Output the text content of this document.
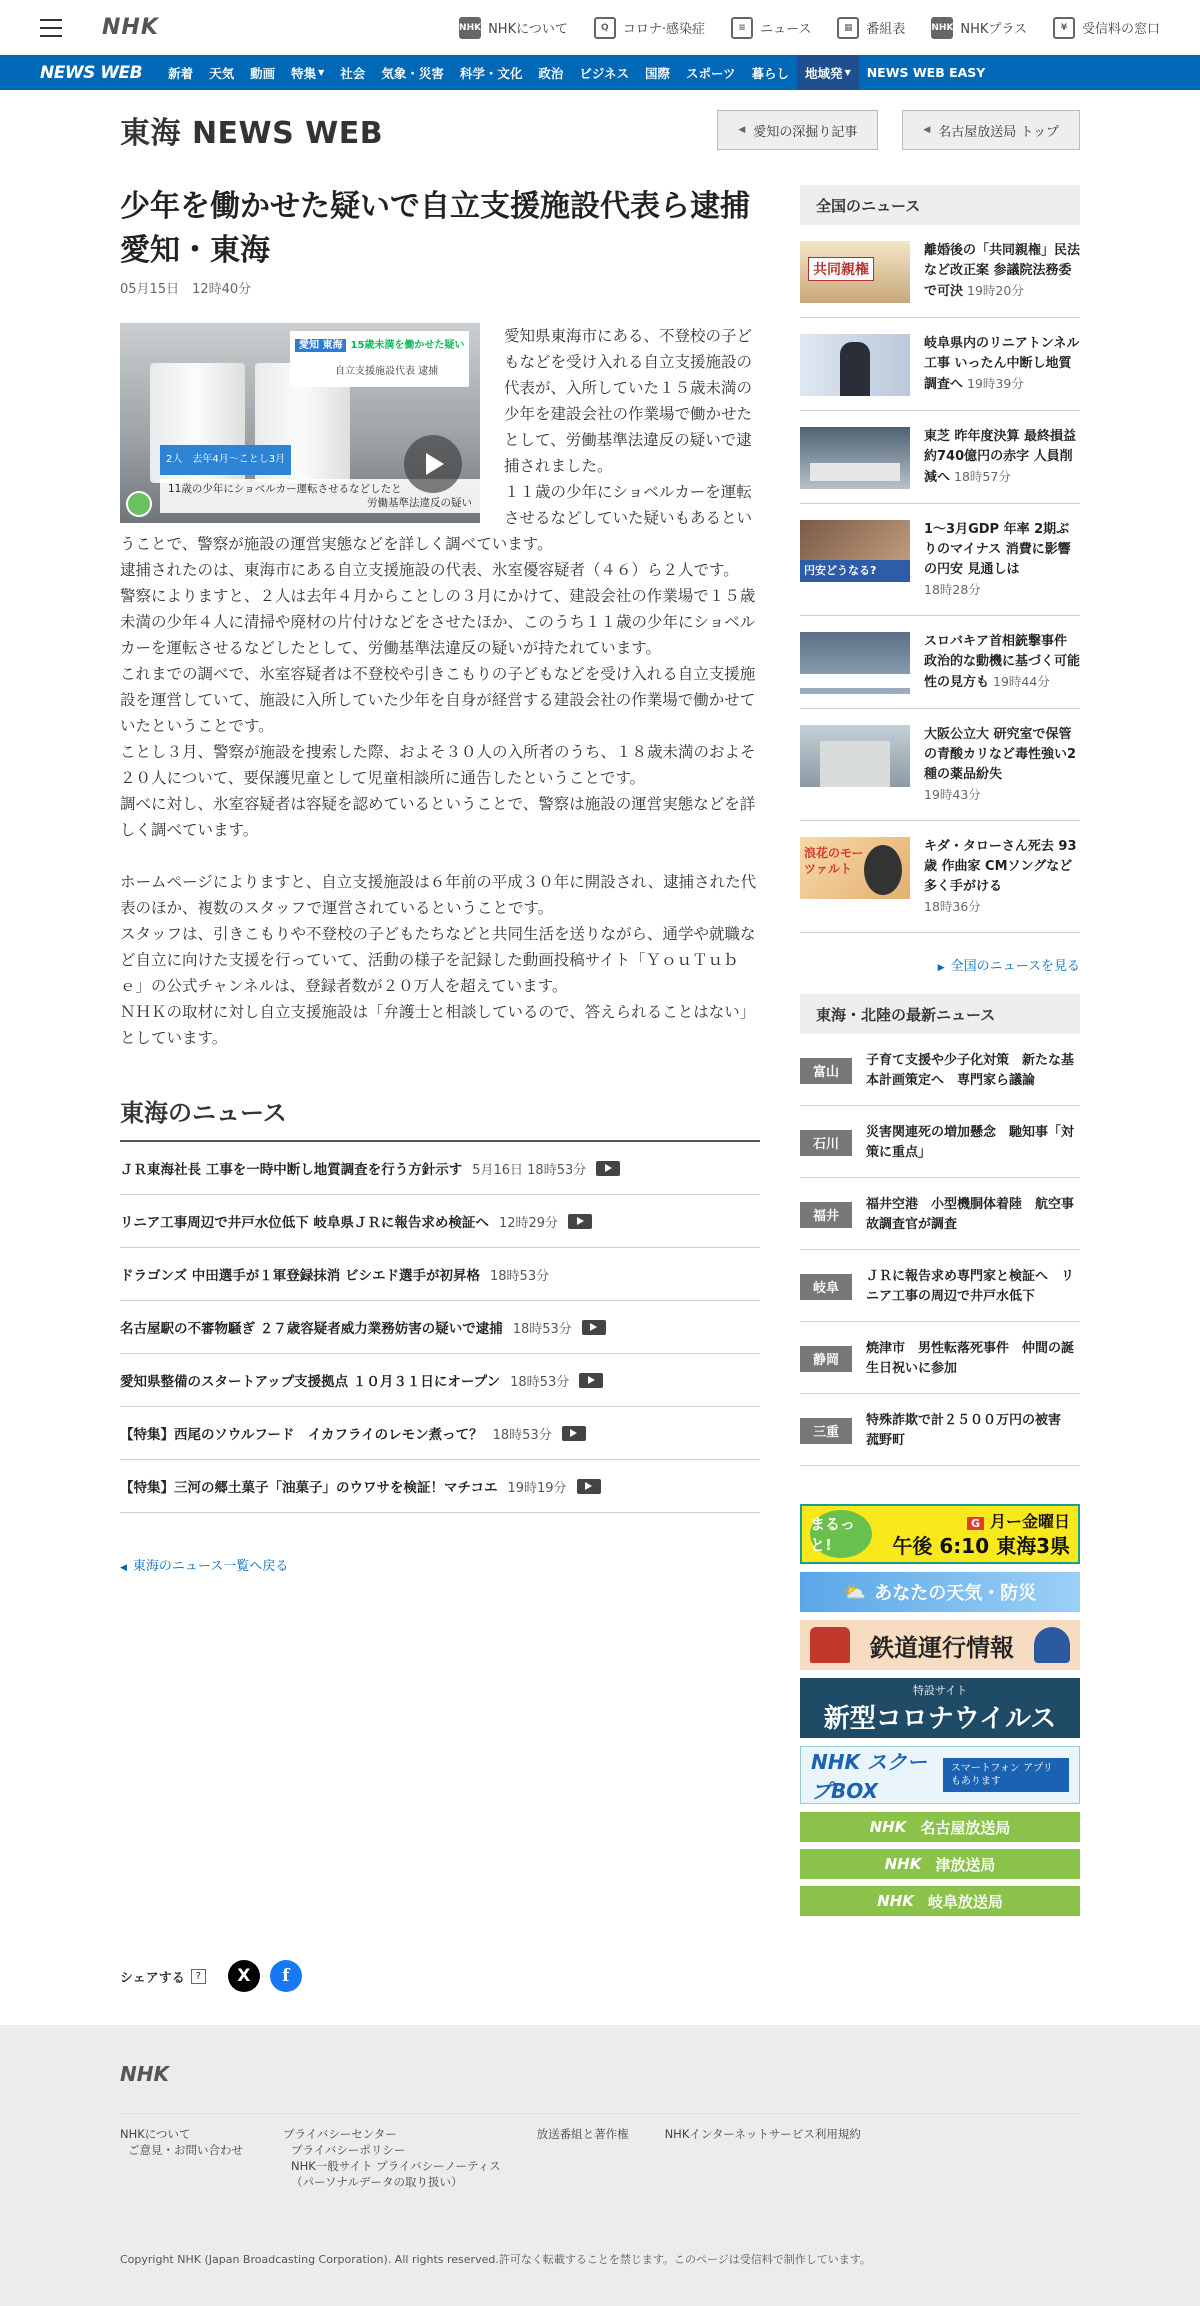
NHK	NHK NHKについて	Q	コロナ·感染症	≡	ニュース	▦	番組表	NHK NHKプラス	¥	受信料の窓口
NEWS WEB	新着	天気	動画	特集 ▼	社会	気象・災害	科学・文化	政治	ビジネス	国際	スポーツ	暮らし	地域発 ▼	NEWS WEB EASY
東海 NEWS WEB	◀ 愛知の深掘り記事	◀ 名古屋放送局 トップ
少年を働かせた疑いで自立支援施設代表ら逮捕　愛知・東海
05月15日　12時40分
愛知 東海 15歳未満を働かせた疑い
自立支援施設代表 逮捕
2人　 去年4月～ことし3月
11歳の少年にショベルカー運転させるなどしたと
労働基準法違反の疑い

愛知県東海市にある、不登校の子どもなどを受け入れる自立支援施設の代表が、入所していた１５歳未満の少年を建設会社の作業場で働かせたとして、労働基準法違反の疑いで逮捕されました。

１１歳の少年にショベルカーを運転させるなどしていた疑いもあるということで、警察が施設の運営実態などを詳しく調べています。

逮捕されたのは、東海市にある自立支援施設の代表、氷室優容疑者（４６）ら２人です。

警察によりますと、２人は去年４月からことしの３月にかけて、建設会社の作業場で１５歳未満の少年４人に清掃や廃材の片付けなどをさせたほか、このうち１１歳の少年にショベルカーを運転させるなどしたとして、労働基準法違反の疑いが持たれています。

これまでの調べで、氷室容疑者は不登校や引きこもりの子どもなどを受け入れる自立支援施設を運営していて、施設に入所していた少年を自身が経営する建設会社の作業場で働かせていたということです。

ことし３月、警察が施設を捜索した際、およそ３０人の入所者のうち、１８歳未満のおよそ２０人について、要保護児童として児童相談所に通告したということです。

調べに対し、氷室容疑者は容疑を認めているということで、警察は施設の運営実態などを詳しく調べています。

ホームページによりますと、自立支援施設は６年前の平成３０年に開設され、逮捕された代表のほか、複数のスタッフで運営されているということです。

スタッフは、引きこもりや不登校の子どもたちなどと共同生活を送りながら、通学や就職など自立に向けた支援を行っていて、活動の様子を記録した動画投稿サイト「ＹｏｕＴｕｂｅ」の公式チャンネルは、登録者数が２０万人を超えています。

ＮＨＫの取材に対し自立支援施設は「弁護士と相談しているので、答えられることはない」としています。

東海のニュース
ＪＲ東海社長 工事を一時中断し地質調査を行う方針示す 5月16日 18時53分
リニア工事周辺で井戸水位低下 岐阜県ＪＲに報告求め検証へ 12時29分
ドラゴンズ 中田選手が１軍登録抹消 ビシエド選手が初昇格 18時53分
名古屋駅の不審物騒ぎ ２７歳容疑者威力業務妨害の疑いで逮捕 18時53分
愛知県整備のスタートアップ支援拠点 １０月３１日にオープン 18時53分
【特集】西尾のソウルフード　イカフライのレモン煮って？ 18時53分
【特集】三河の郷土菓子「油菓子」のウワサを検証！マチコエ 19時19分
◀ 東海のニュース一覧へ戻る
全国のニュース
共同親権
離婚後の「共同親権」民法など改正案 参議院法務委で可決 19時20分
岐阜県内のリニアトンネル工事 いったん中断し地質調査へ 19時39分
東芝 昨年度決算 最終損益 約740億円の赤字 人員削減へ 18時57分
円安どうなる?
1～3月GDP 年率 2期ぶりのマイナス 消費に影響の円安 見通しは
18時28分
スロバキア首相銃撃事件 政治的な動機に基づく可能性の見方も 19時44分
大阪公立大 研究室で保管の青酸カリなど毒性強い2種の薬品紛失
19時43分
浪花のモーツァルト
キダ・タローさん死去 93歳 作曲家 CMソングなど多く手がける
18時36分
▶ 全国のニュースを見る
東海・北陸の最新ニュース
富山
子育て支援や少子化対策　新たな基本計画策定へ　専門家ら議論
石川
災害関連死の増加懸念　馳知事「対策に重点」
福井
福井空港　小型機胴体着陸　航空事故調査官が調査
岐阜
ＪＲに報告求め専門家と検証へ　リニア工事の周辺で井戸水低下
静岡
焼津市　男性転落死事件　仲間の誕生日祝いに参加
三重
特殊詐欺で計２５００万円の被害　菰野町
まるっと!
G 月ー金曜日
午後 6:10 東海3県
⛅ あなたの天気・防災
鉄道運行情報
特設サイト
新型コロナウイルス
NHK スクープBOX
スマートフォン アプリもあります
NHK 名古屋放送局
NHK 津放送局
NHK 岐阜放送局
シェアする	?	X	f
NHK
NHKについて
ご意見・お問い合わせ
プライバシーセンター
プライバシーポリシー
NHK一般サイト プライバシーノーティス
（パーソナルデータの取り扱い）
放送番組と著作権	NHKインターネットサービス利用規約
Copyright NHK (Japan Broadcasting Corporation). All rights reserved.許可なく転載することを禁じます。このページは受信料で制作しています。
